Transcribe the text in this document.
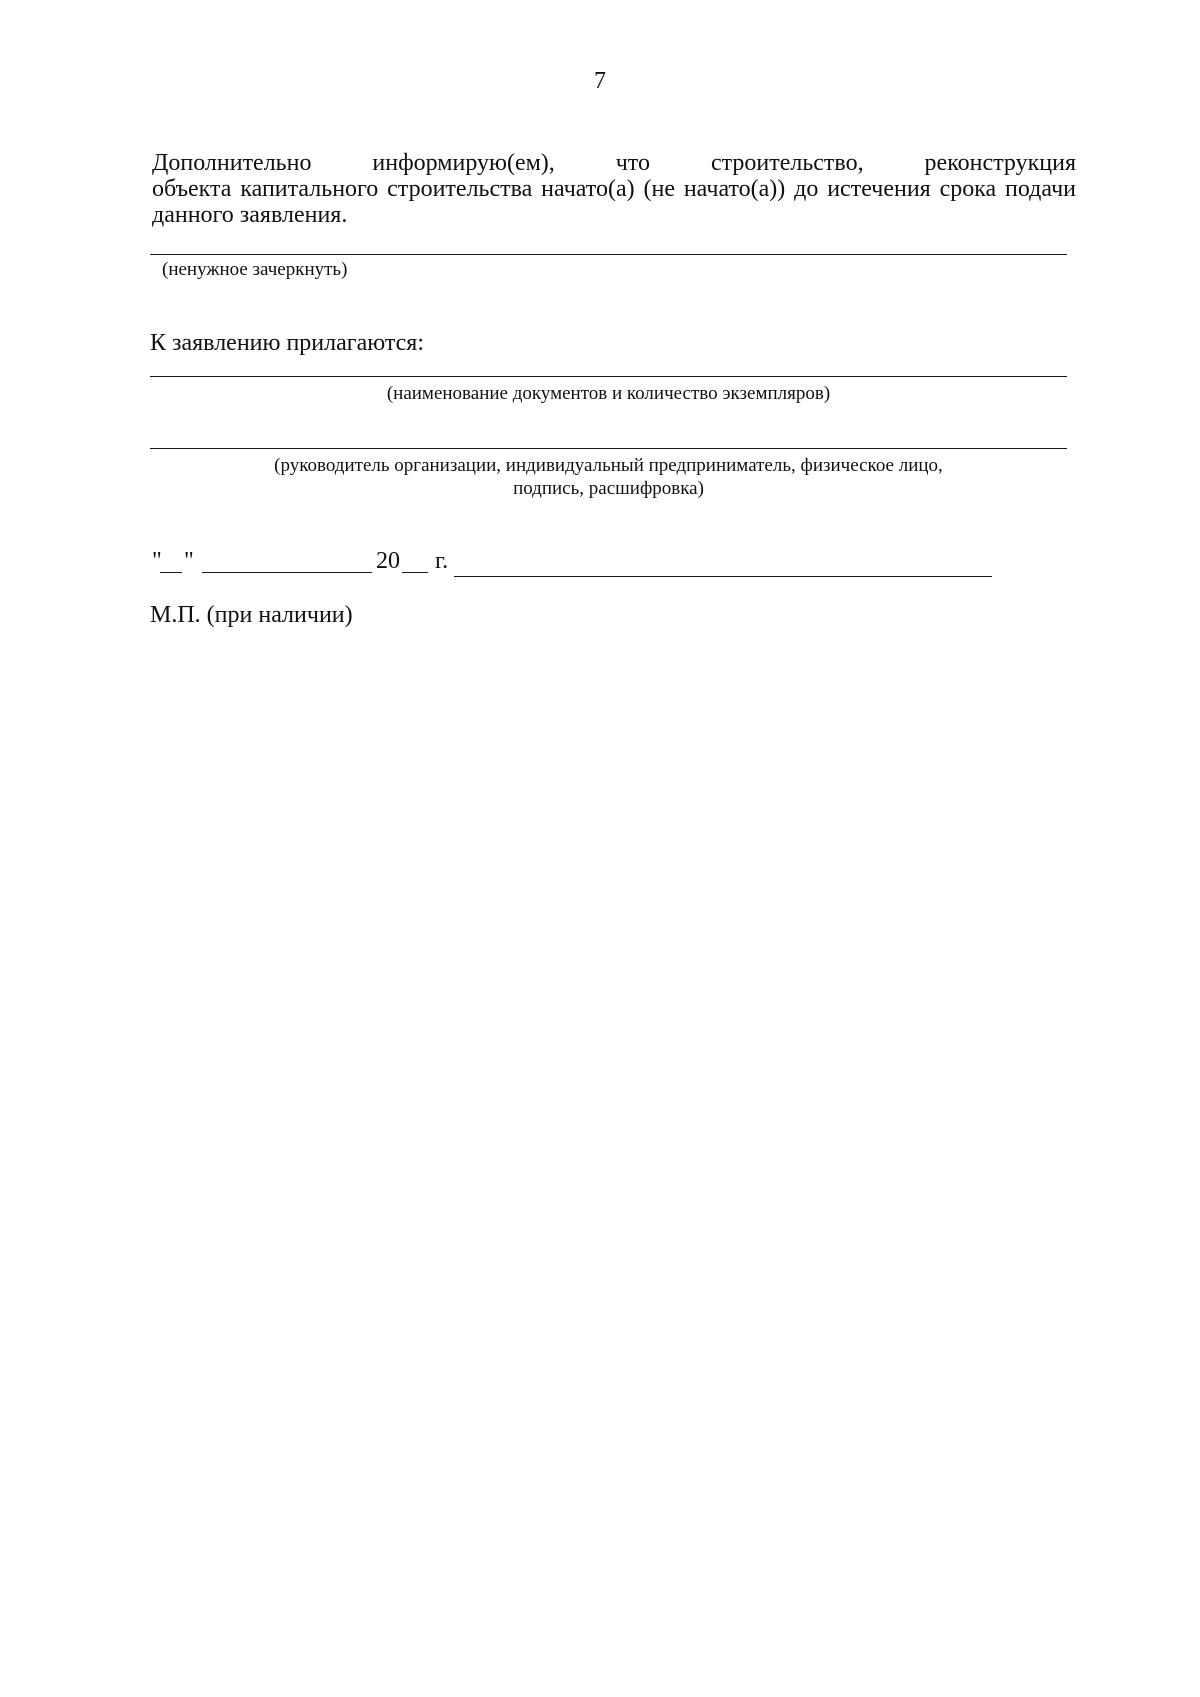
7
Дополнительно информирую(ем), что строительство, реконструкция
объекта капитального строительства начато(а) (не начато(а)) до истечения срока подачи
данного заявления.
(ненужное зачеркнуть)
К заявлению прилагаются:
(наименование документов и количество экземпляров)
(руководитель организации, индивидуальный предприниматель, физическое лицо,
подпись, расшифровка)
" "	20 г.
М.П. (при наличии)
